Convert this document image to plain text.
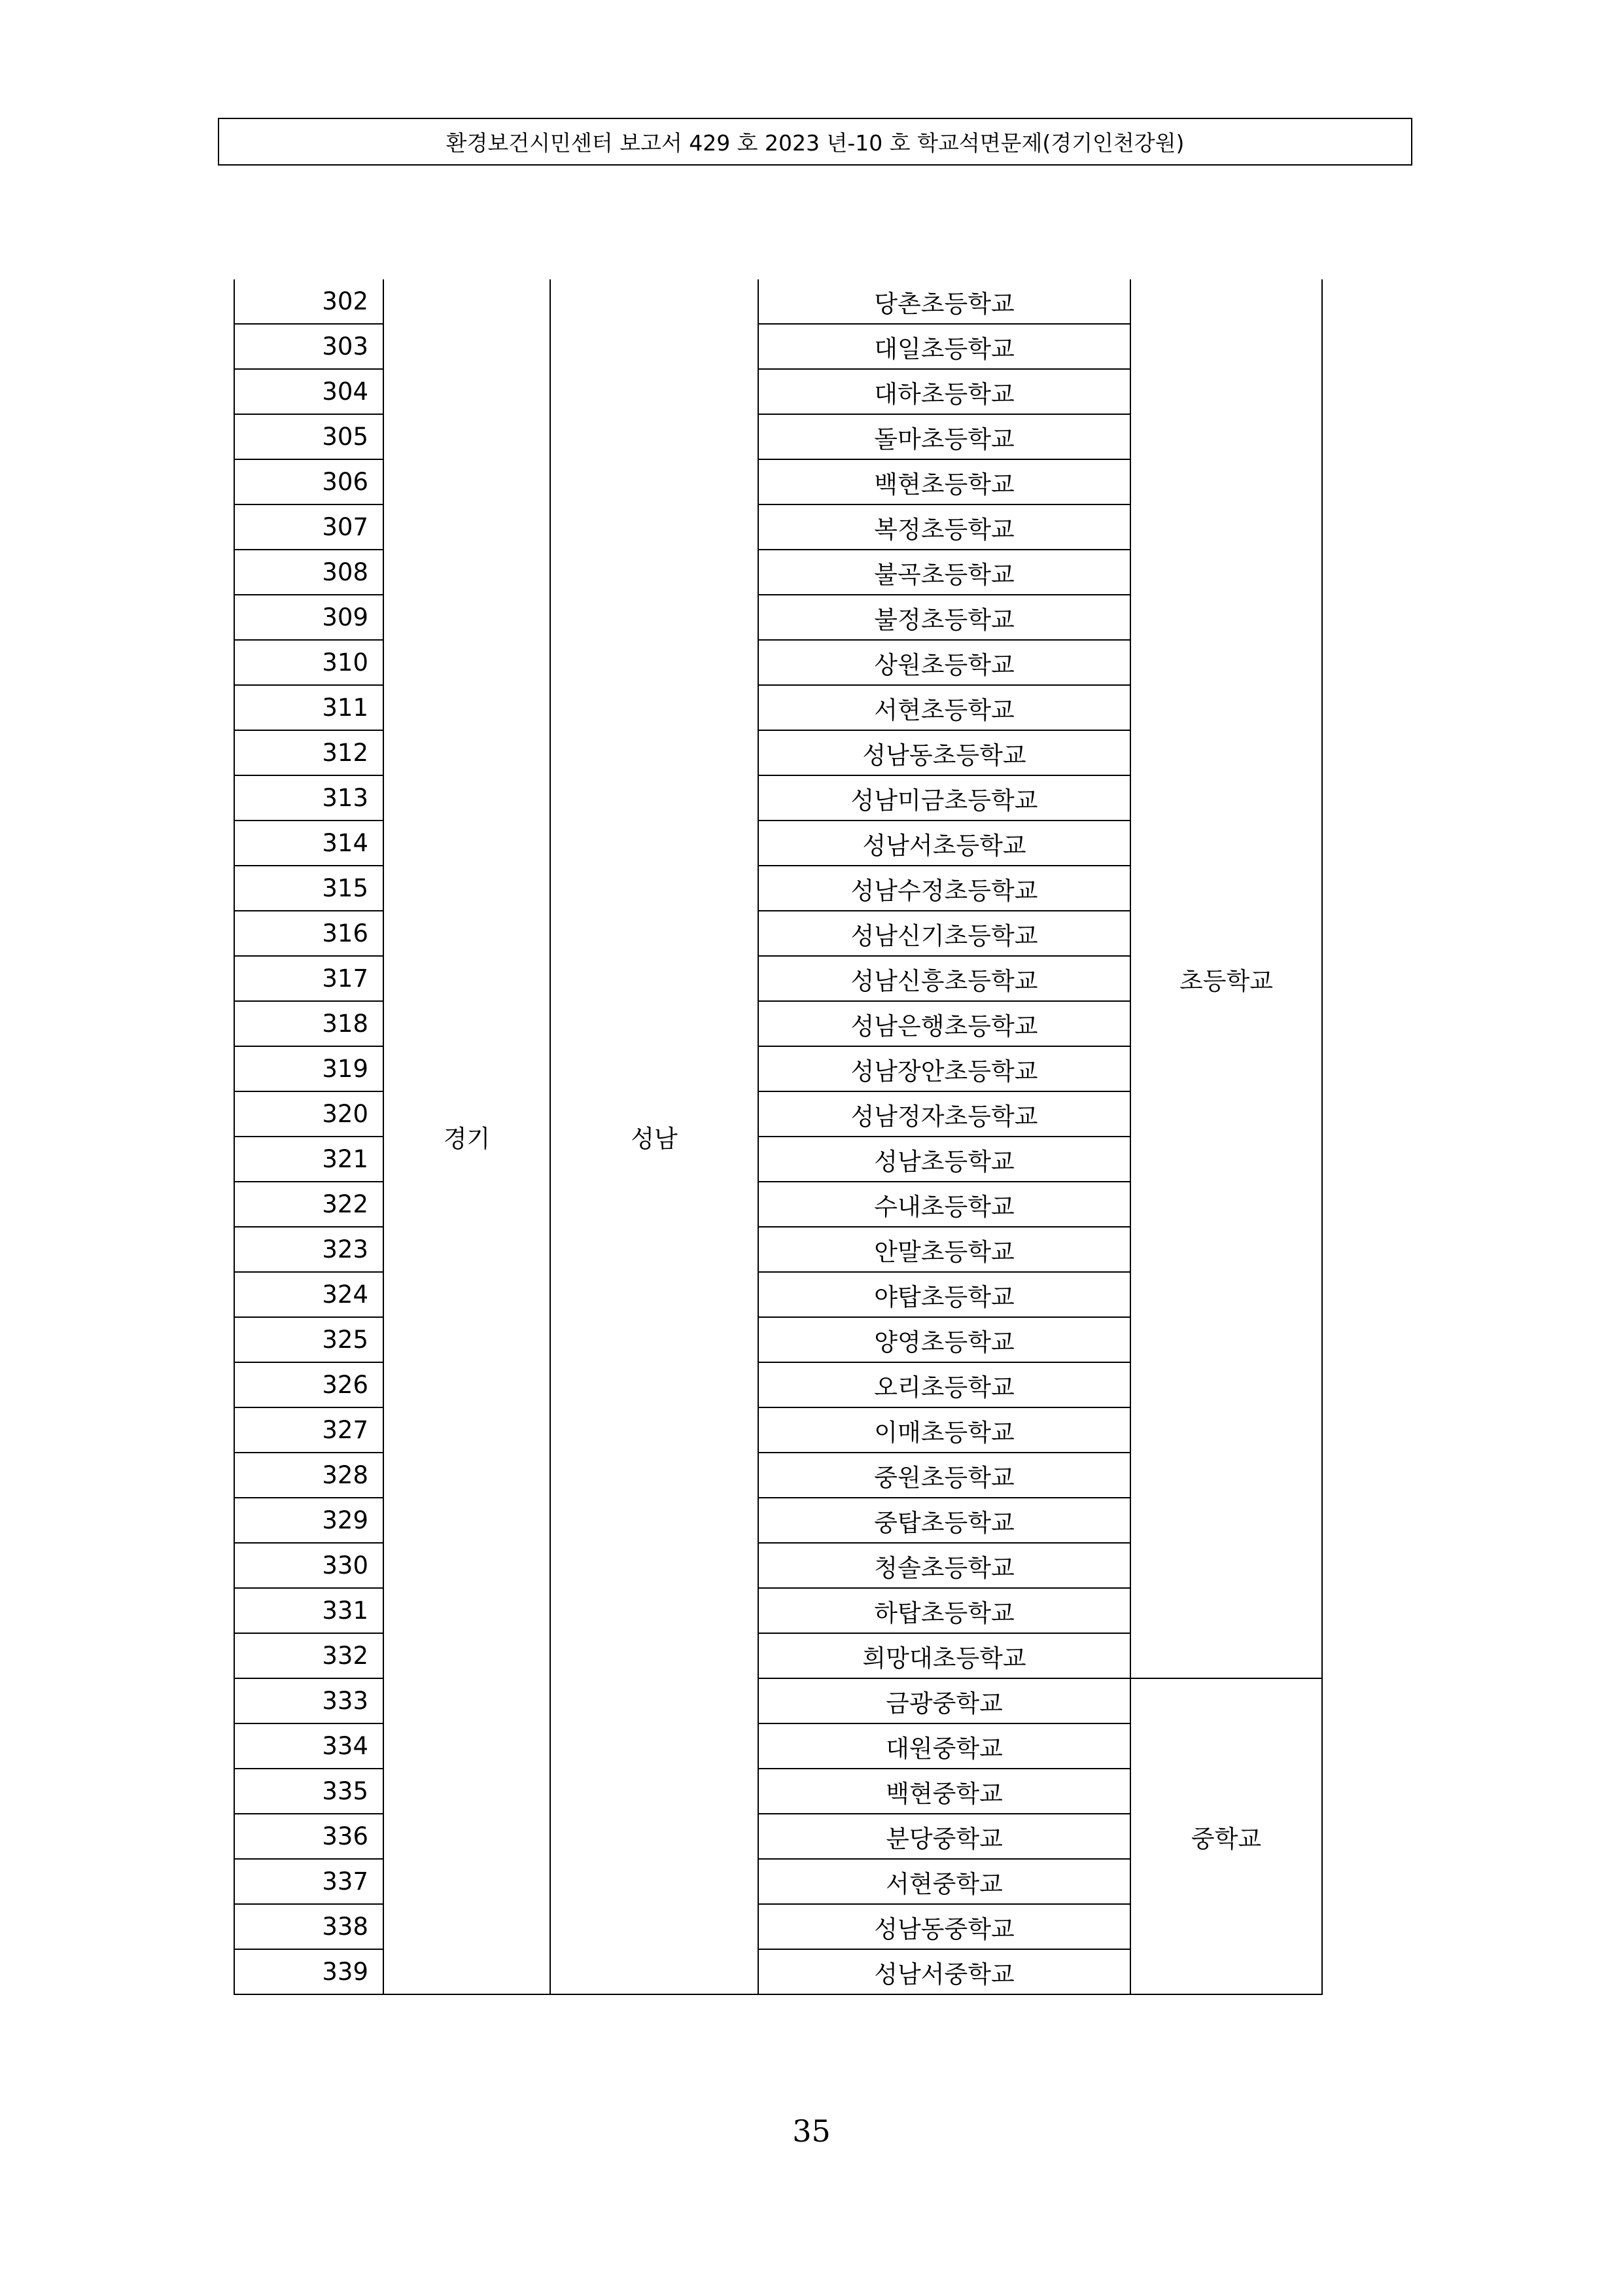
환경보건시민센터 보고서 429 호 2023 년-10 호 학교석면문제(경기인천강원)
302	경기	성남	당촌초등학교	초등학교
303			대일초등학교	
304			대하초등학교	
305			돌마초등학교	
306			백현초등학교	
307			복정초등학교	
308			불곡초등학교	
309			불정초등학교	
310			상원초등학교	
311			서현초등학교	
312			성남동초등학교	
313			성남미금초등학교	
314			성남서초등학교	
315			성남수정초등학교	
316			성남신기초등학교	
317			성남신흥초등학교	
318			성남은행초등학교	
319			성남장안초등학교	
320			성남정자초등학교	
321			성남초등학교	
322			수내초등학교	
323			안말초등학교	
324			야탑초등학교	
325			양영초등학교	
326			오리초등학교	
327			이매초등학교	
328			중원초등학교	
329			중탑초등학교	
330			청솔초등학교	
331			하탑초등학교	
332			희망대초등학교	
333			금광중학교	중학교
334			대원중학교	
335			백현중학교	
336			분당중학교	
337			서현중학교	
338			성남동중학교	
339			성남서중학교	
35
